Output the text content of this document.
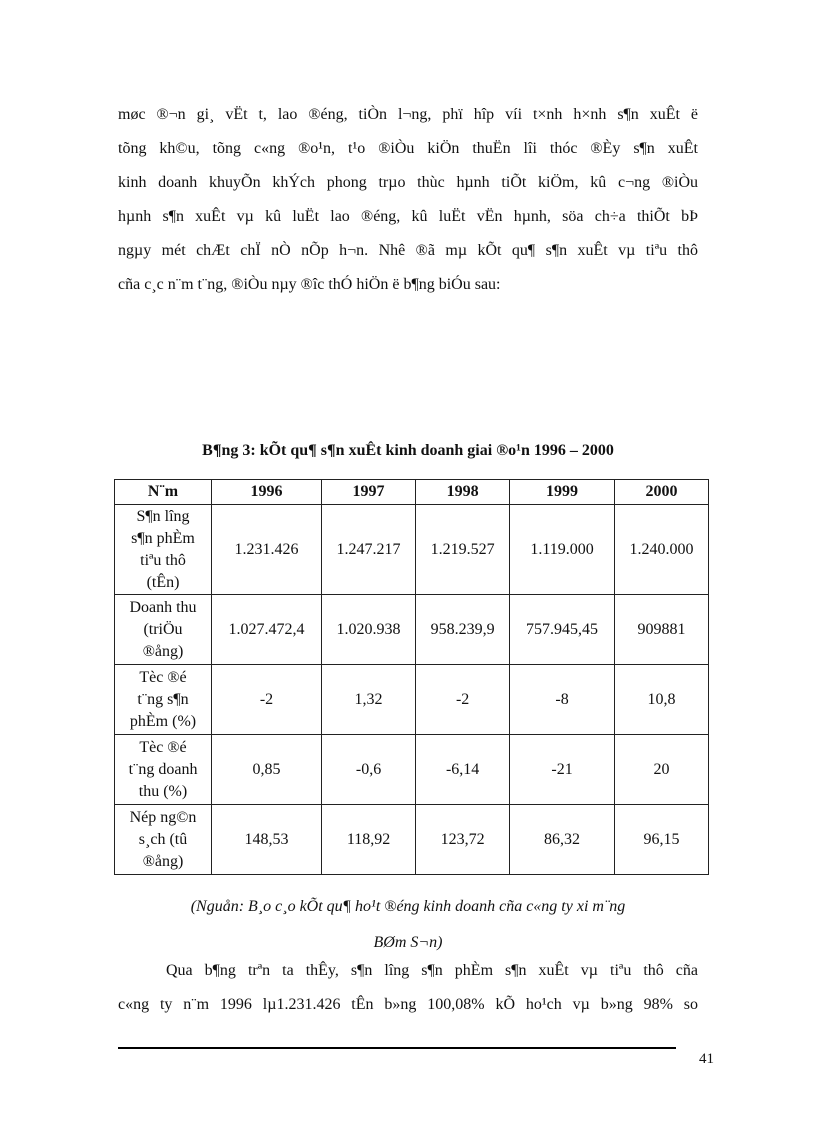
møc ®¬n gi¸ vËt t, lao ®éng, tiÒn l¬ng, phï hîp víi t×nh h×nh s¶n xuÊt ë
tõng kh©u, tõng c«ng ®o¹n, t¹o ®iÒu kiÖn thuËn lîi thóc ®Èy s¶n xuÊt
kinh doanh khuyÕn khÝch phong trµo thùc hµnh tiÕt kiÖm, kû c¬ng ®iÒu
hµnh s¶n xuÊt vµ kû luËt lao ®éng, kû luËt vËn hµnh, söa ch÷a thiÕt bÞ
ngµy mét chÆt chÏ nÒ nÕp h¬n. Nhê ®ã mµ kÕt qu¶ s¶n xuÊt vµ tiªu thô
cña c¸c n¨m t¨ng, ®iÒu nµy ®îc thÓ hiÖn ë b¶ng biÓu sau:
B¶ng 3: kÕt qu¶ s¶n xuÊt kinh doanh giai ®o¹n 1996 – 2000
N¨m	1996	1997	1998	1999	2000
S¶n lîng
s¶n phÈm
tiªu thô
(tÊn)	1.231.426	1.247.217	1.219.527	1.119.000	1.240.000
Doanh thu
(triÖu
®ång)	1.027.472,4	1.020.938	958.239,9	757.945,45	909881
Tèc ®é
t¨ng s¶n
phÈm (%)	-2	1,32	-2	-8	10,8
Tèc ®é
t¨ng doanh
thu (%)	0,85	-0,6	-6,14	-21	20
Nép ng©n
s¸ch (tû
®ång)	148,53	118,92	123,72	86,32	96,15
(Nguån: B¸o c¸o kÕt qu¶ ho¹t ®éng kinh doanh cña c«ng ty xi m¨ng
BØm S¬n)
Qua b¶ng trªn ta thÊy, s¶n lîng s¶n phÈm s¶n xuÊt vµ tiªu thô cña
c«ng ty n¨m 1996 lµ1.231.426 tÊn b»ng 100,08% kÕ ho¹ch vµ b»ng 98% so
41
